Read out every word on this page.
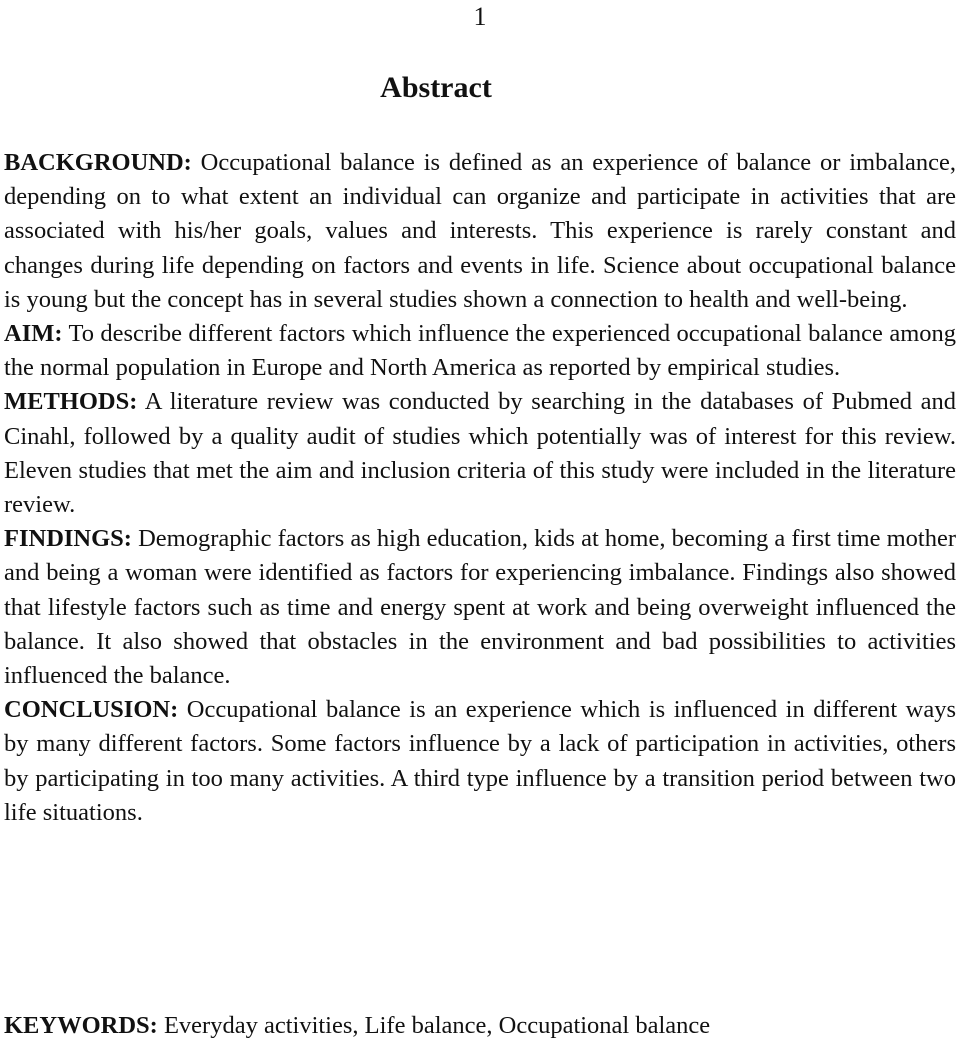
1
Abstract

BACKGROUND: Occupational balance is defined as an experience of balance or imbalance, depending on to what extent an individual can organize and participate in activities that are associated with his/her goals, values and interests. This experience is rarely constant and changes during life depending on factors and events in life. Science about occupational balance is young but the concept has in several studies shown a connection to health and well-being.

AIM: To describe different factors which influence the experienced occupational balance among the normal population in Europe and North America as reported by empirical studies.

METHODS: A literature review was conducted by searching in the databases of Pubmed and Cinahl, followed by a quality audit of studies which potentially was of interest for this review. Eleven studies that met the aim and inclusion criteria of this study were included in the literature review.

FINDINGS: Demographic factors as high education, kids at home, becoming a first time mother and being a woman were identified as factors for experiencing imbalance. Findings also showed that lifestyle factors such as time and energy spent at work and being overweight influenced the balance. It also showed that obstacles in the environment and bad possibilities to activities influenced the balance.

CONCLUSION: Occupational balance is an experience which is influenced in different ways by many different factors. Some factors influence by a lack of participation in activities, others by participating in too many activities. A third type influence by a transition period between two life situations.

KEYWORDS: Everyday activities, Life balance, Occupational balance
